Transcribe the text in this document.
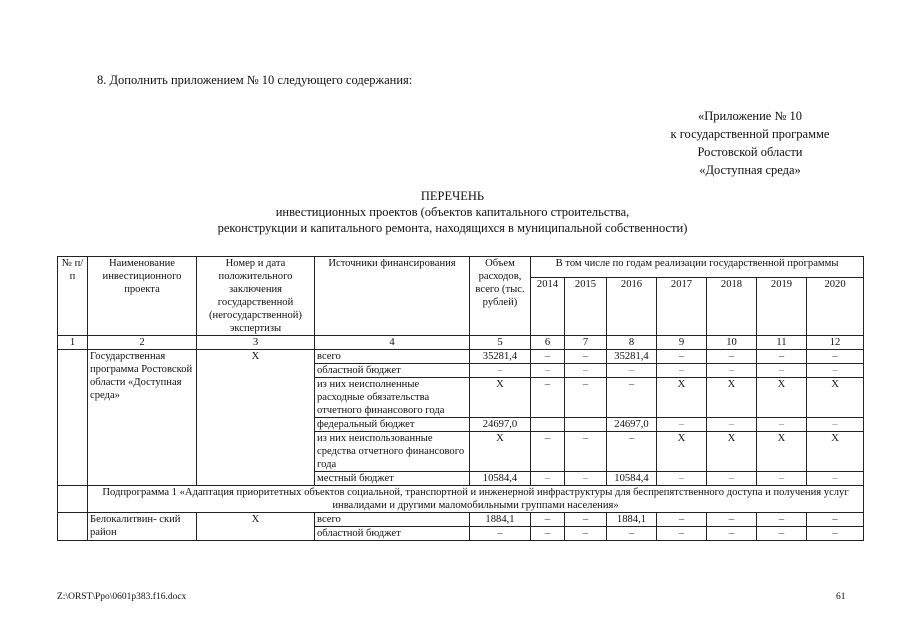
8. Дополнить приложением № 10 следующего содержания:
«Приложение № 10
к государственной программе
Ростовской области
«Доступная среда»
ПЕРЕЧЕНЬ
инвестиционных проектов (объектов капитального строительства,
реконструкции и капитального ремонта, находящихся в муниципальной собственности)
№ п/п	Наименование инвестиционного проекта	Номер и дата положительного заключения государственной (негосударственной) экспертизы	Источники финансирования	Объем расходов, всего (тыс. рублей)	В том числе по годам реализации государственной программы						
					2014	2015	2016	2017	2018	2019	2020
1	2	3	4	5	6	7	8	9	10	11	12
	Государственная программа Ростовской области «Доступная среда»	Х	всего	35281,4	–	–	35281,4	–	–	–	–
			областной бюджет	–	–	–	–	–	–	–	–
			из них неисполненные расходные обязательства отчетного финансового года	Х	–	–	–	Х	Х	Х	Х
			федеральный бюджет	24697,0			24697,0	–	–	–	–
			из них неиспользованные средства отчетного финансового года	Х	–	–	–	Х	Х	Х	Х
			местный бюджет	10584,4	–	–	10584,4	–	–	–	–
	Подпрограмма 1 «Адаптация приоритетных объектов социальной, транспортной и инженерной инфраструктуры для беспрепятственного доступа и получения услуг инвалидами и другими маломобильными группами населения»										
	Белокалитвин- ский район	Х	всего	1884,1	–	–	1884,1	–	–	–	–
			областной бюджет	–	–	–	–	–	–	–	–
Z:\ORST\Ppo\0601p383.f16.docx	61
